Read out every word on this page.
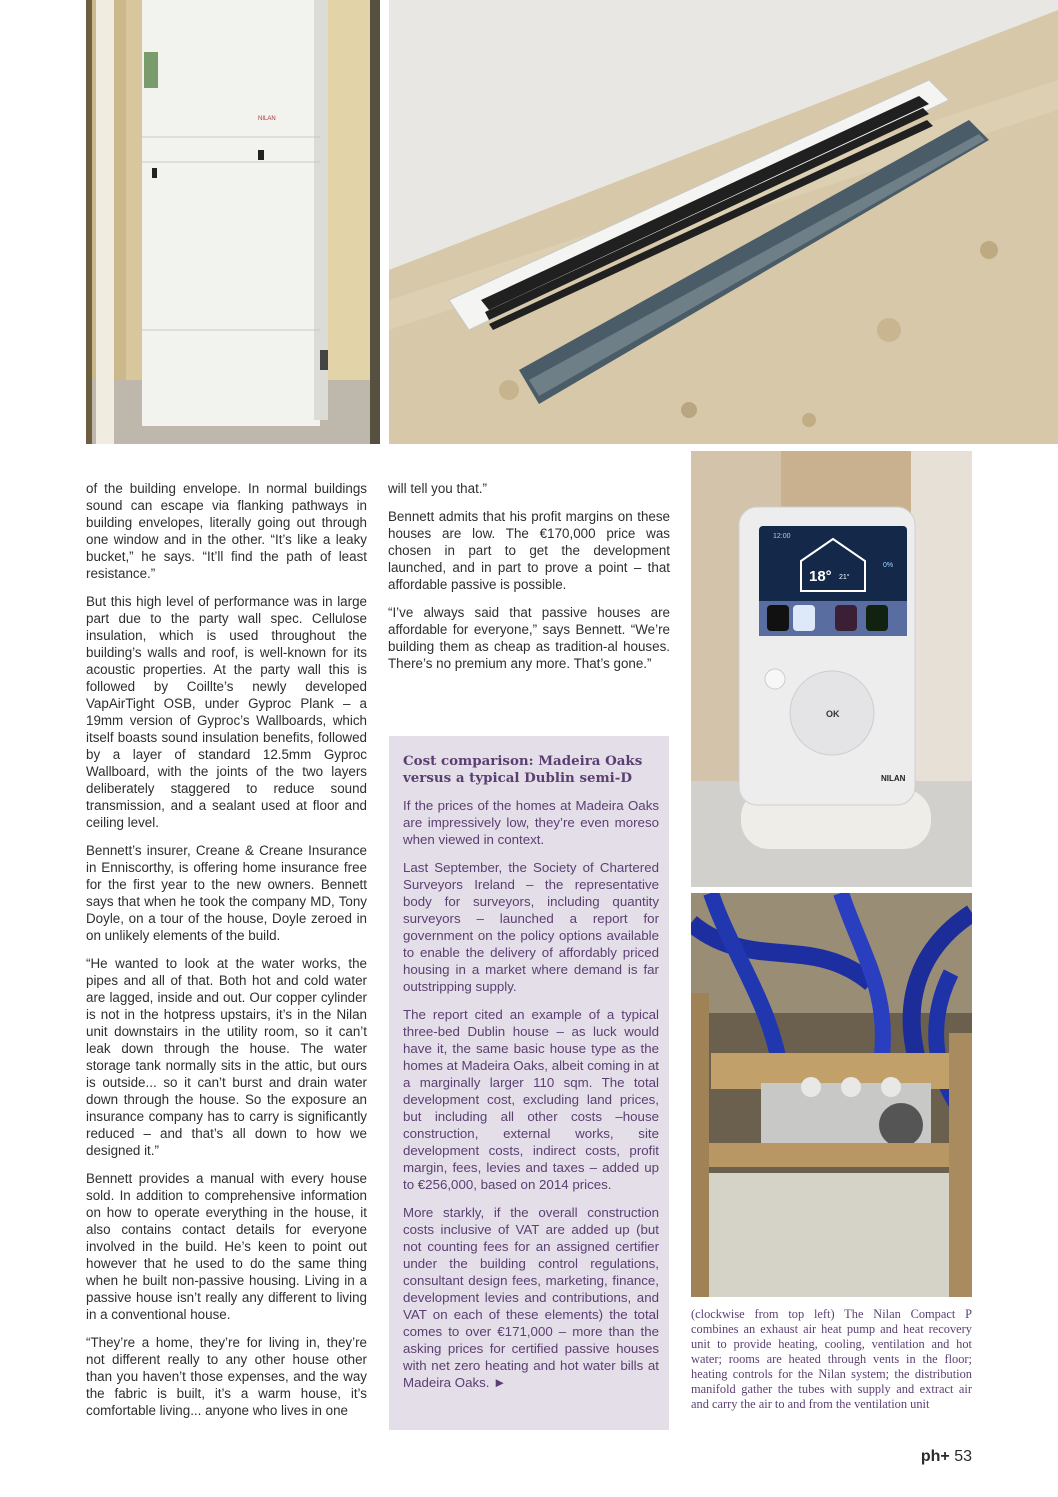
NILAN
12:00
18° 21°
0%
OK
NILAN

of the building envelope. In normal buildings sound can escape via flanking pathways in building envelopes, literally going out through one window and in the other. “It’s like a leaky bucket,” he says. “It’ll find the path of least resistance.”

But this high level of performance was in large part due to the party wall spec. Cellulose insulation, which is used throughout the building’s walls and roof, is well-known for its acoustic properties. At the party wall this is followed by Coillte’s newly developed VapAirTight OSB, under Gyproc Plank – a 19mm version of Gyproc’s Wallboards, which itself boasts sound insulation benefits, followed by a layer of standard 12.5mm Gyproc Wallboard, with the joints of the two layers deliberately staggered to reduce sound transmission, and a sealant used at floor and ceiling level.

Bennett’s insurer, Creane & Creane Insurance in Enniscorthy, is offering home insurance free for the first year to the new owners. Bennett says that when he took the company MD, Tony Doyle, on a tour of the house, Doyle zeroed in on unlikely elements of the build.

“He wanted to look at the water works, the pipes and all of that. Both hot and cold water are lagged, inside and out. Our copper cylinder is not in the hotpress upstairs, it’s in the Nilan unit downstairs in the utility room, so it can’t leak down through the house. The water storage tank normally sits in the attic, but ours is outside... so it can’t burst and drain water down through the house. So the exposure an insurance company has to carry is significantly reduced – and that’s all down to how we designed it.”

Bennett provides a manual with every house sold. In addition to comprehensive information on how to operate everything in the house, it also contains contact details for everyone involved in the build. He’s keen to point out however that he used to do the same thing when he built non-passive housing. Living in a passive house isn’t really any different to living in a conventional house.

“They’re a home, they’re for living in, they’re not different really to any other house other than you haven’t those expenses, and the way the fabric is built, it’s a warm house, it’s comfortable living... anyone who lives in one

will tell you that.”

Bennett admits that his profit margins on these houses are low. The €170,000 price was chosen in part to get the development launched, and in part to prove a point – that affordable passive is possible.

“I’ve always said that passive houses are affordable for everyone,” says Bennett. “We’re building them as cheap as tradition-al houses. There’s no premium any more. That’s gone.”

Cost comparison: Madeira Oaks versus a typical Dublin semi-D

If the prices of the homes at Madeira Oaks are impressively low, they’re even moreso when viewed in context.

Last September, the Society of Chartered Surveyors Ireland – the representative body for surveyors, including quantity surveyors – launched a report for government on the policy options available to enable the delivery of affordably priced housing in a market where demand is far outstripping supply.

The report cited an example of a typical three-bed Dublin house – as luck would have it, the same basic house type as the homes at Madeira Oaks, albeit coming in at a marginally larger 110 sqm. The total development cost, excluding land prices, but including all other costs –house construction, external works, site development costs, indirect costs, profit margin, fees, levies and taxes – added up to €256,000, based on 2014 prices.

More starkly, if the overall construction costs inclusive of VAT are added up (but not counting fees for an assigned certifier under the building control regulations, consultant design fees, marketing, finance, development levies and contributions, and VAT on each of these elements) the total comes to over €171,000 – more than the asking prices for certified passive houses with net zero heating and hot water bills at Madeira Oaks. ►

(clockwise from top left) The Nilan Compact P combines an exhaust air heat pump and heat recovery unit to provide heating, cooling, ventilation and hot water; rooms are heated through vents in the floor; heating controls for the Nilan system; the distribution manifold gather the tubes with supply and extract air and carry the air to and from the ventilation unit
ph+ 53
